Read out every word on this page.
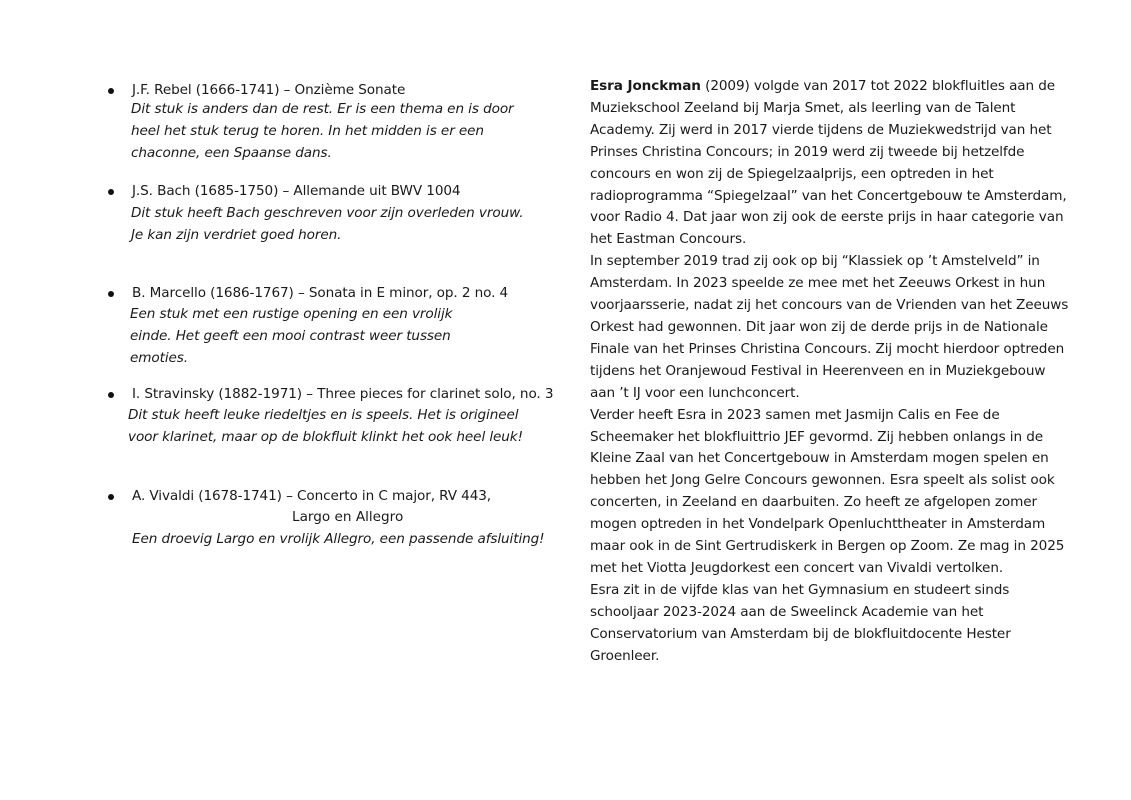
J.F. Rebel (1666-1741) – Onzième Sonate
Dit stuk is anders dan de rest. Er is een thema en is door heel het stuk terug te horen. In het midden is er een chaconne, een Spaanse dans.
J.S. Bach (1685-1750) – Allemande uit BWV 1004
Dit stuk heeft Bach geschreven voor zijn overleden vrouw. Je kan zijn verdriet goed horen.
B. Marcello (1686-1767) – Sonata in E minor, op. 2 no. 4
Een stuk met een rustige opening en een vrolijk einde. Het geeft een mooi contrast weer tussen emoties.
I. Stravinsky (1882-1971) – Three pieces for clarinet solo, no. 3
Dit stuk heeft leuke riedeltjes en is speels. Het is origineel voor klarinet, maar op de blokfluit klinkt het ook heel leuk!
A. Vivaldi (1678-1741) – Concerto in C major, RV 443,
Largo en Allegro
Een droevig Largo en vrolijk Allegro, een passende afsluiting!

Esra Jonckman (2009) volgde van 2017 tot 2022 blokfluitles aan de Muziekschool Zeeland bij Marja Smet, als leerling van de Talent Academy. Zij werd in 2017 vierde tijdens de Muziekwedstrijd van het Prinses Christina Concours; in 2019 werd zij tweede bij hetzelfde concours en won zij de Spiegelzaalprijs, een optreden in het radioprogramma “Spiegelzaal” van het Concertgebouw te Amsterdam, voor Radio 4. Dat jaar won zij ook de eerste prijs in haar categorie van het Eastman Concours.

In september 2019 trad zij ook op bij “Klassiek op ’t Amstelveld” in Amsterdam. In 2023 speelde ze mee met het Zeeuws Orkest in hun voorjaarsserie, nadat zij het concours van de Vrienden van het Zeeuws Orkest had gewonnen. Dit jaar won zij de derde prijs in de Nationale Finale van het Prinses Christina Concours. Zij mocht hierdoor optreden tijdens het Oranjewoud Festival in Heerenveen en in Muziekgebouw aan ’t IJ voor een lunchconcert.

Verder heeft Esra in 2023 samen met Jasmijn Calis en Fee de Scheemaker het blokfluittrio JEF gevormd. Zij hebben onlangs in de Kleine Zaal van het Concertgebouw in Amsterdam mogen spelen en hebben het Jong Gelre Concours gewonnen. Esra speelt als solist ook concerten, in Zeeland en daarbuiten. Zo heeft ze afgelopen zomer mogen optreden in het Vondelpark Openluchttheater in Amsterdam maar ook in de Sint Gertrudiskerk in Bergen op Zoom. Ze mag in 2025 met het Viotta Jeugdorkest een concert van Vivaldi vertolken.

Esra zit in de vijfde klas van het Gymnasium en studeert sinds schooljaar 2023-2024 aan de Sweelinck Academie van het Conservatorium van Amsterdam bij de blokfluitdocente Hester Groenleer.
